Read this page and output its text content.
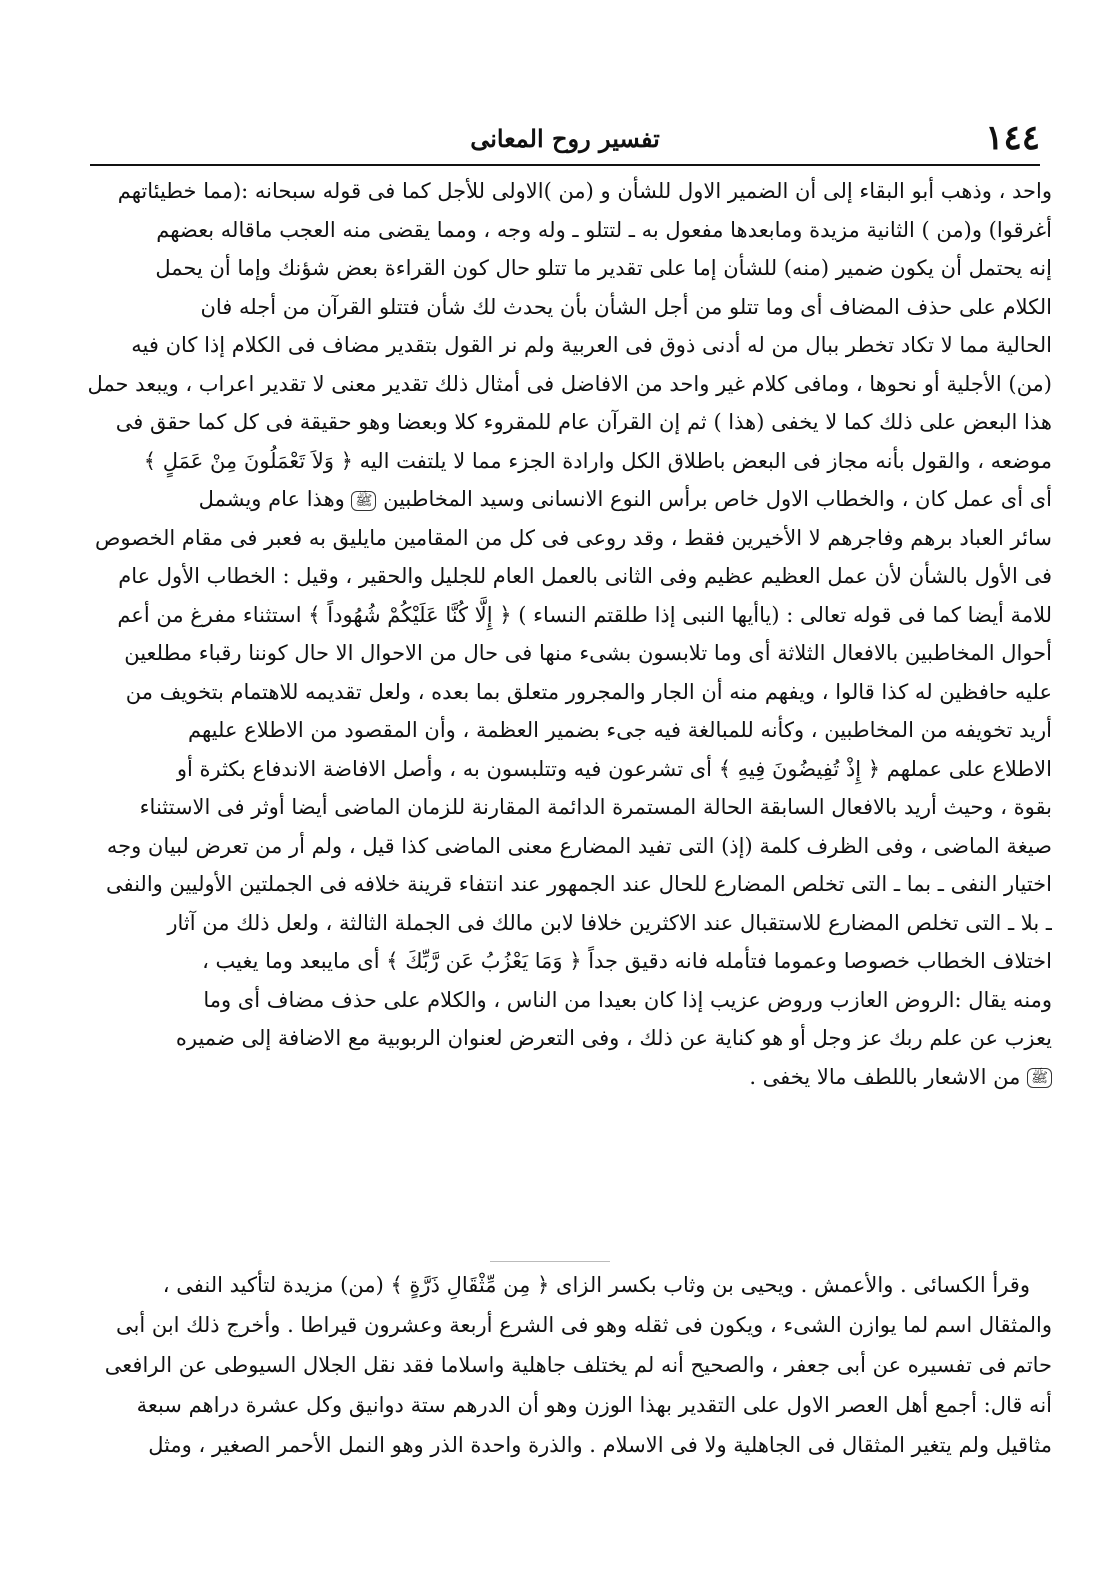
١٤٤
تفسير روح المعانى
واحد ، وذهب أبو البقاء إلى أن الضمير الاول للشأن و (من )الاولى للأجل كما فى قوله سبحانه :(مما خطيئاتهم
أغرقوا) و(من ) الثانية مزيدة ومابعدها مفعول به ـ لتتلو ـ وله وجه ، ومما يقضى منه العجب ماقاله بعضهم
إنه يحتمل أن يكون ضمير (منه) للشأن إما على تقدير ما تتلو حال كون القراءة بعض شؤنك وإما أن يحمل
الكلام على حذف المضاف أى وما تتلو من أجل الشأن بأن يحدث لك شأن فتتلو القرآن من أجله فان
الحالية مما لا تكاد تخطر ببال من له أدنى ذوق فى العربية ولم نر القول بتقدير مضاف فى الكلام إذا كان فيه
(من) الأجلية أو نحوها ، ومافى كلام غير واحد من الافاضل فى أمثال ذلك تقدير معنى لا تقدير اعراب ، ويبعد حمل
هذا البعض على ذلك كما لا يخفى (هذا ) ثم إن القرآن عام للمقروء كلا وبعضا وهو حقيقة فى كل كما حقق فى
موضعه ، والقول بأنه مجاز فى البعض باطلاق الكل وارادة الجزء مما لا يلتفت اليه ﴿ وَلاَ تَعْمَلُونَ مِنْ عَمَلٍ ﴾
أى أى عمل كان ، والخطاب الاول خاص برأس النوع الانسانى وسيد المخاطبين ﷺ وهذا عام ويشمل
سائر العباد برهم وفاجرهم لا الأخيرين فقط ، وقد روعى فى كل من المقامين مايليق به فعبر فى مقام الخصوص
فى الأول بالشأن لأن عمل العظيم عظيم وفى الثانى بالعمل العام للجليل والحقير ، وقيل : الخطاب الأول عام
للامة أيضا كما فى قوله تعالى : (ياأيها النبى إذا طلقتم النساء ) ﴿ إِلَّا كُنَّا عَلَيْكُمْ شُهُوداً ﴾ استثناء مفرغ من أعم
أحوال المخاطبين بالافعال الثلاثة أى وما تلابسون بشىء منها فى حال من الاحوال الا حال كوننا رقباء مطلعين
عليه حافظين له كذا قالوا ، ويفهم منه أن الجار والمجرور متعلق بما بعده ، ولعل تقديمه للاهتمام بتخويف من
أريد تخويفه من المخاطبين ، وكأنه للمبالغة فيه جىء بضمير العظمة ، وأن المقصود من الاطلاع عليهم
الاطلاع على عملهم ﴿ إِذْ تُفِيضُونَ فِيهِ ﴾ أى تشرعون فيه وتتلبسون به ، وأصل الافاضة الاندفاع بكثرة أو
بقوة ، وحيث أريد بالافعال السابقة الحالة المستمرة الدائمة المقارنة للزمان الماضى أيضا أوثر فى الاستثناء
صيغة الماضى ، وفى الظرف كلمة (إذ) التى تفيد المضارع معنى الماضى كذا قيل ، ولم أر من تعرض لبيان وجه
اختيار النفى ـ بما ـ التى تخلص المضارع للحال عند الجمهور عند انتفاء قرينة خلافه فى الجملتين الأوليين والنفى
ـ بلا ـ التى تخلص المضارع للاستقبال عند الاكثرين خلافا لابن مالك فى الجملة الثالثة ، ولعل ذلك من آثار
اختلاف الخطاب خصوصا وعموما فتأمله فانه دقيق جداً ﴿ وَمَا يَعْزُبُ عَن رَّبِّكَ ﴾ أى مايبعد وما يغيب ،
ومنه يقال :الروض العازب وروض عزيب إذا كان بعيدا من الناس ، والكلام على حذف مضاف أى وما
يعزب عن علم ربك عز وجل أو هو كناية عن ذلك ، وفى التعرض لعنوان الربوبية مع الاضافة إلى ضميره
ﷺ من الاشعار باللطف مالا يخفى .
وقرأ الكسائى . والأعمش . ويحيى بن وثاب بكسر الزاى ﴿ مِن مِّثْقَالِ ذَرَّةٍ ﴾ (من) مزيدة لتأكيد النفى ،
والمثقال اسم لما يوازن الشىء ، ويكون فى ثقله وهو فى الشرع أربعة وعشرون قيراطا . وأخرج ذلك ابن أبى
حاتم فى تفسيره عن أبى جعفر ، والصحيح أنه لم يختلف جاهلية واسلاما فقد نقل الجلال السيوطى عن الرافعى
أنه قال: أجمع أهل العصر الاول على التقدير بهذا الوزن وهو أن الدرهم ستة دوانيق وكل عشرة دراهم سبعة
مثاقيل ولم يتغير المثقال فى الجاهلية ولا فى الاسلام . والذرة واحدة الذر وهو النمل الأحمر الصغير ، ومثل
